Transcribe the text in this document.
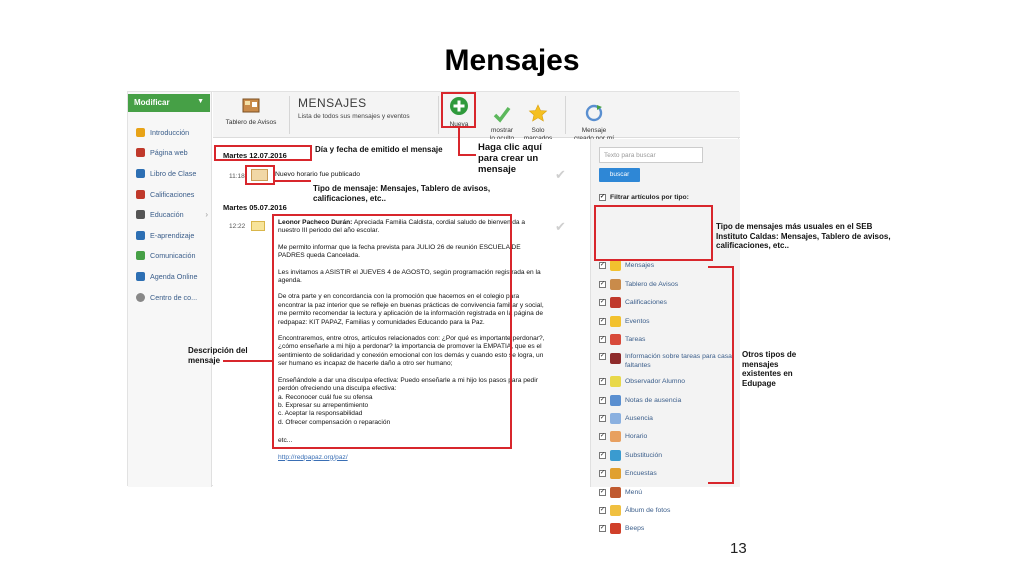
Mensajes
Modificar	▼
Introducción
Página web
Libro de Clase
Calificaciones
Educación	›
E-aprendizaje
Comunicación
Agenda Online
Centro de co...
Tablero de Avisos
MENSAJES
Lista de todos sus mensajes y eventos
Nueva

mostrar	Solo	Mensaje

Martes 12.07.2016
11:18	Nuevo horario fue publicado	✔
Martes 05.07.2016
12:22	✔

Leonor Pacheco Durán: Apreciada Familia Caldista, cordial saludo de bienvenida a nuestro III periodo del año escolar.

Me permito informar que la fecha prevista para JULIO 26 de reunión ESCUELA DE PADRES queda Cancelada.

Les invitamos a ASISTIR el JUEVES 4 de AGOSTO, según programación registrada en la agenda.

De otra parte y en concordancia con la promoción que hacemos en el colegio para encontrar la paz interior que se refleje en buenas prácticas de convivencia familiar y social, me permito recomendar la lectura y aplicación de la información registrada en la página de redpapaz: KIT PAPAZ, Familias y comunidades Educando para la Paz.

Encontraremos, entre otros, artículos relacionados con: ¿Por qué es importante perdonar?, ¿cómo enseñarle a mi hijo a perdonar? la importancia de promover la EMPATIA, que es el sentimiento de solidaridad y conexión emocional con los demás y cuando esto se logra, un ser humano es incapaz de hacerle daño a otro ser humano;

Enseñándole a dar una disculpa efectiva: Puedo enseñarle a mi hijo los pasos para pedir perdón ofreciendo una disculpa efectiva:
a. Reconocer cuál fue su ofensa
b. Expresar su arrepentimiento
c. Aceptar la responsabilidad
d. Ofrecer compensación o reparación
etc...
http://redpapaz.org/paz/
Texto para buscar
buscar
✓ Filtrar artículos por tipo:
✓	Mensajes
✓	Tablero de Avisos
✓	Calificaciones
✓	Eventos
✓	Tareas
✓	Información sobre tareas para casa faltantes
✓	Observador Alumno
✓	Notas de ausencia
✓	Ausencia
✓	Horario
✓	Substitución
✓	Encuestas
✓	Menú
✓	Álbum de fotos
✓	Beeps
Día y fecha de emitido el mensaje	Haga clic aquí
para crear un
mensaje
Tipo de mensaje: Mensajes, Tablero de avisos,
calificaciones, etc..
Descripción del
mensaje
Tipo de mensajes más usuales en el SEB
Instituto Caldas: Mensajes, Tablero de avisos,
calificaciones, etc..
Otros tipos de
mensajes
existentes en
Edupage
13
